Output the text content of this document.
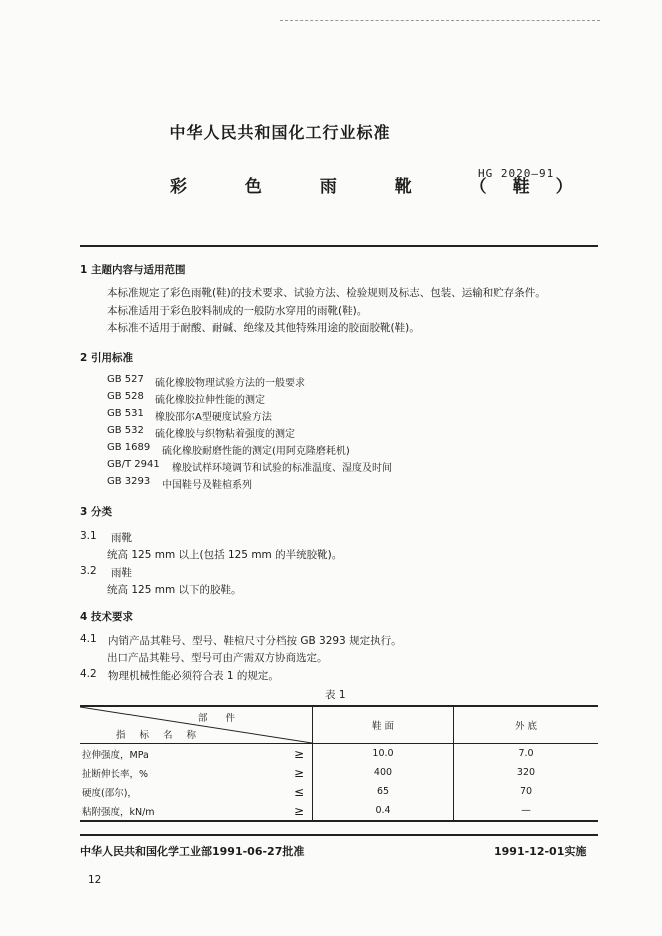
中华人民共和国化工行业标准
彩 色 雨 靴 （鞋）
HG 2020—91
1 主题内容与适用范围
本标准规定了彩色雨靴(鞋)的技术要求、试验方法、检验规则及标志、包装、运输和贮存条件。
本标准适用于彩色胶料制成的一般防水穿用的雨靴(鞋)。
本标准不适用于耐酸、耐碱、绝缘及其他特殊用途的胶面胶靴(鞋)。
2 引用标准
GB 527 硫化橡胶物理试验方法的一般要求
GB 528 硫化橡胶拉伸性能的测定
GB 531 橡胶邵尔A型硬度试验方法
GB 532 硫化橡胶与织物粘着强度的测定
GB 1689 硫化橡胶耐磨性能的测定(用阿克隆磨耗机)
GB/T 2941 橡胶试样环境调节和试验的标准温度、湿度及时间
GB 3293 中国鞋号及鞋楦系列
3 分类
3.1 雨靴
统高 125 mm 以上(包括 125 mm 的半统胶靴)。
3.2 雨鞋
统高 125 mm 以下的胶鞋。
4 技术要求
4.1 内销产品其鞋号、型号、鞋楦尺寸分档按 GB 3293 规定执行。
出口产品其鞋号、型号可由产需双方协商选定。
4.2 物理机械性能必须符合表 1 的规定。
表 1
部件
指标名称	鞋 面	外 底

拉伸强度，MPa ≥	10.0	7.0

扯断伸长率，% ≥	400	320

硬度(邵尔)， ≤	65	70

粘附强度，kN/m ≥	0.4	—
中华人民共和国化学工业部1991-06-27批准	1991-12-01实施
12
